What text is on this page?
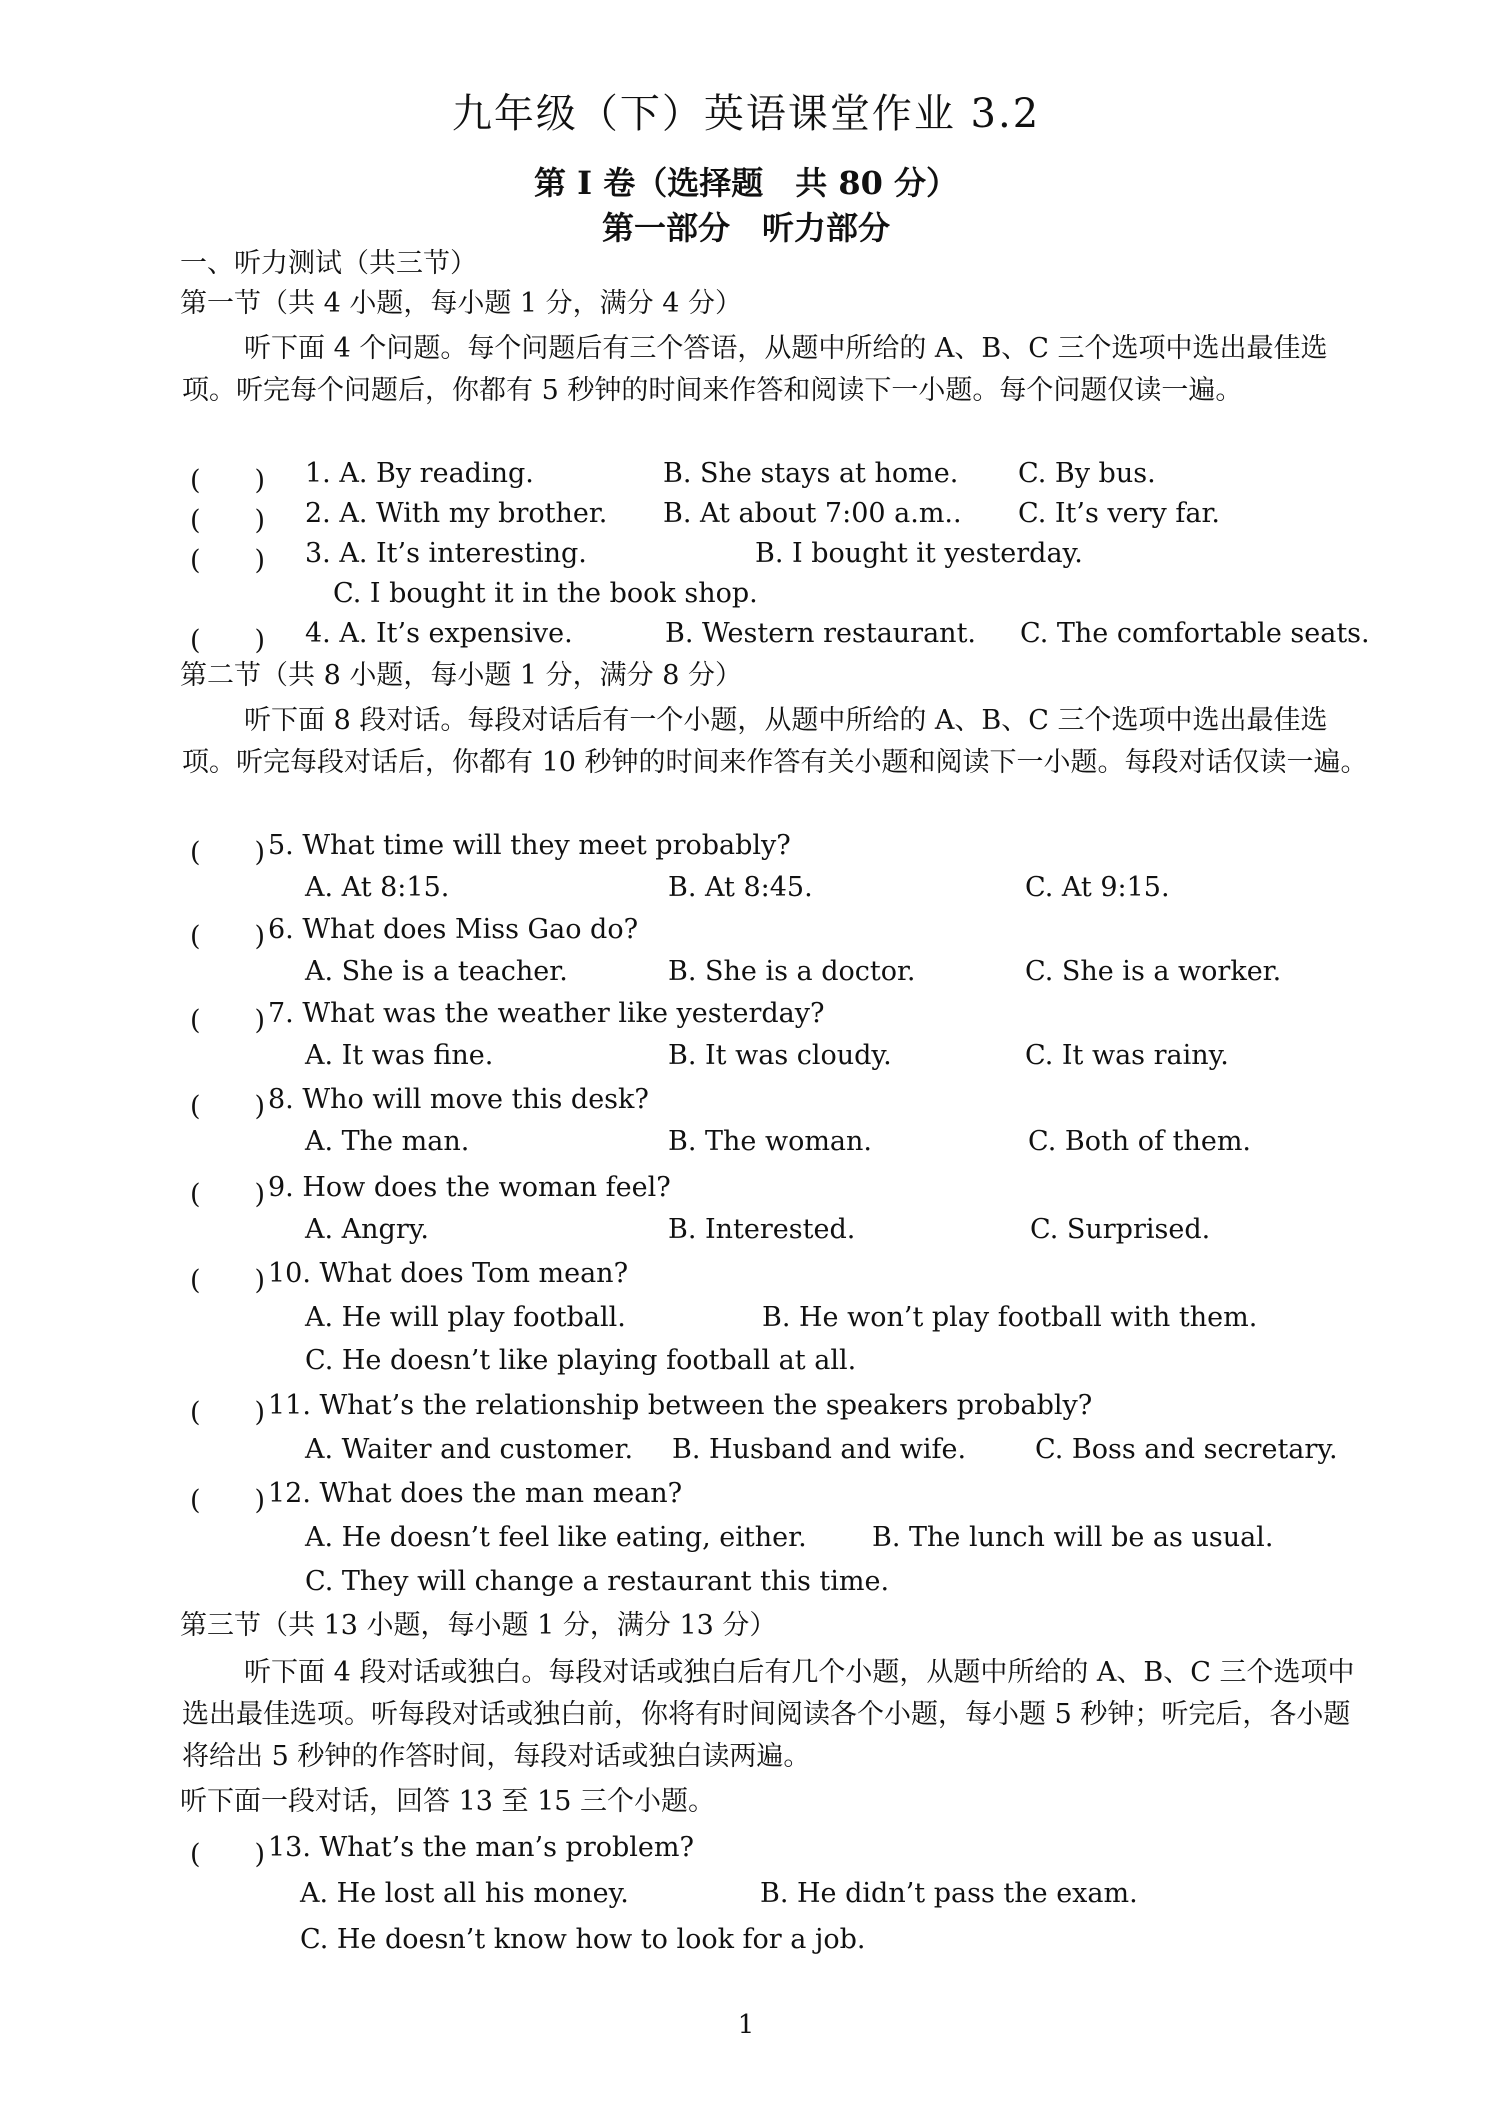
九年级（下）英语课堂作业 3.2
第 I 卷（选择题　共 80 分）
第一部分　听力部分
一、听力测试（共三节）
第一节（共 4 小题，每小题 1 分，满分 4 分）
听下面 4 个问题。每个问题后有三个答语，从题中所给的 A、B、C 三个选项中选出最佳选项。听完每个问题后，你都有 5 秒钟的时间来作答和阅读下一小题。每个问题仅读一遍。
(　　) 1. A. By reading.	B. She stays at home. C. By bus.
(　　) 2. A. With my brother. B. At about 7:00 a.m.. C. It’s very far.
(　　) 3. A. It’s interesting.	B. I bought it yesterday.
C. I bought it in the book shop.
(　　) 4. A. It’s expensive.	B. Western restaurant. C. The comfortable seats.
第二节（共 8 小题，每小题 1 分，满分 8 分）
听下面 8 段对话。每段对话后有一个小题，从题中所给的 A、B、C 三个选项中选出最佳选项。听完每段对话后，你都有 10 秒钟的时间来作答有关小题和阅读下一小题。每段对话仅读一遍。
(　　) 5. What time will they meet probably?
A. At 8:15.	B. At 8:45.	C. At 9:15.
(　　) 6. What does Miss Gao do?
A. She is a teacher.	B. She is a doctor.	C. She is a worker.
(　　) 7. What was the weather like yesterday?
A. It was fine.	B. It was cloudy.	C. It was rainy.
(　　) 8. Who will move this desk?
A. The man.	B. The woman.	C. Both of them.
(　　) 9. How does the woman feel?
A. Angry.	B. Interested.	C. Surprised.
(　　) 10. What does Tom mean?
A. He will play football.	B. He won’t play football with them.
C. He doesn’t like playing football at all.
(　　) 11. What’s the relationship between the speakers probably?
A. Waiter and customer. B. Husband and wife.	C. Boss and secretary.
(　　) 12. What does the man mean?
A. He doesn’t feel like eating, either. B. The lunch will be as usual.
C. They will change a restaurant this time.
第三节（共 13 小题，每小题 1 分，满分 13 分）
听下面 4 段对话或独白。每段对话或独白后有几个小题，从题中所给的 A、B、C 三个选项中选出最佳选项。听每段对话或独白前，你将有时间阅读各个小题，每小题 5 秒钟；听完后，各小题将给出 5 秒钟的作答时间，每段对话或独白读两遍。
听下面一段对话，回答 13 至 15 三个小题。
(　　) 13. What’s the man’s problem?
A. He lost all his money.	B. He didn’t pass the exam.
C. He doesn’t know how to look for a job.
1
